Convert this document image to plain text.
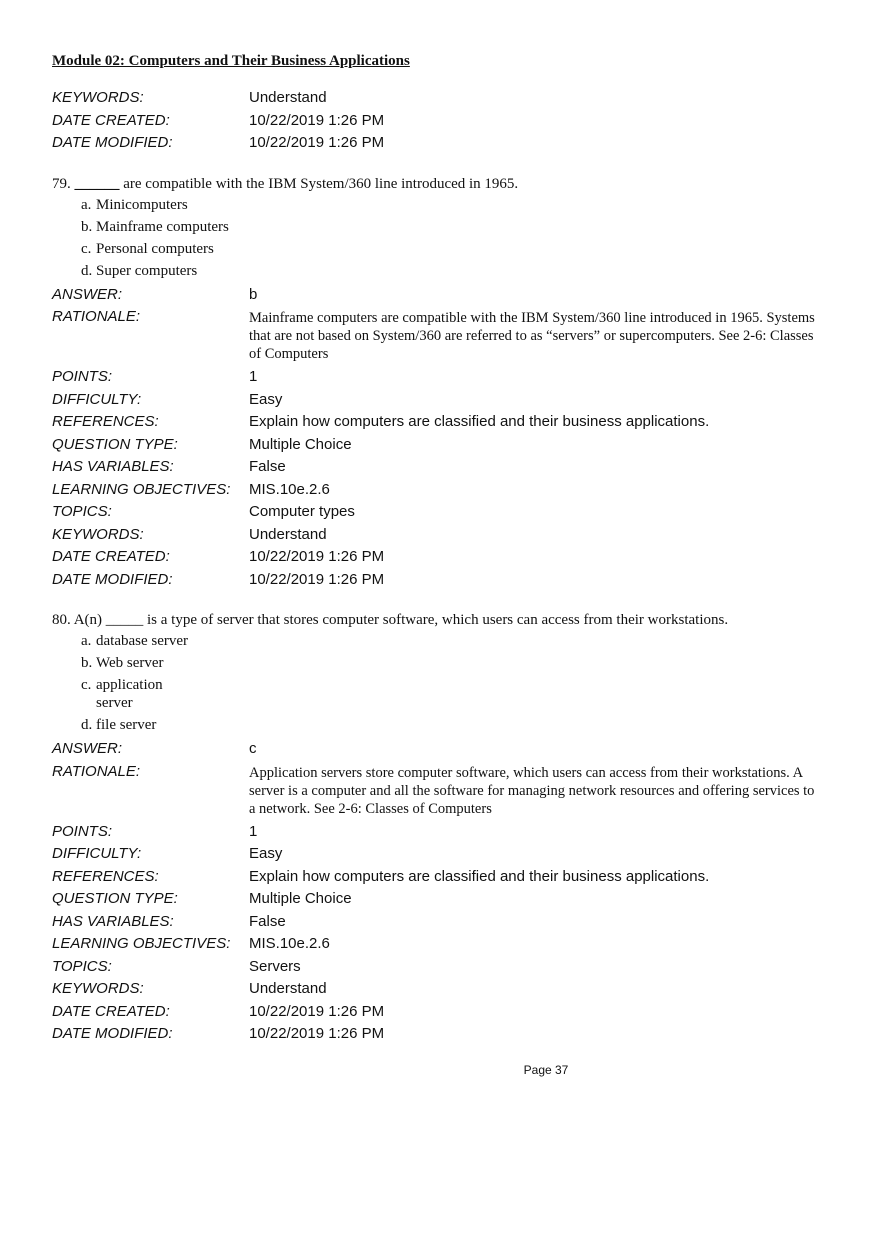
Module 02: Computers and Their Business Applications
KEYWORDS:	Understand
DATE CREATED:	10/22/2019 1:26 PM
DATE MODIFIED:	10/22/2019 1:26 PM
79. ______ are compatible with the IBM System/360 line introduced in 1965.
a. Minicomputers
b. Mainframe computers
c. Personal computers
d. Super computers
ANSWER:	b
RATIONALE:	Mainframe computers are compatible with the IBM System/360 line introduced in 1965. Systems that are not based on System/360 are referred to as “servers” or supercomputers. See 2-6: Classes of Computers
POINTS:	1
DIFFICULTY:	Easy
REFERENCES:	Explain how computers are classified and their business applications.
QUESTION TYPE:	Multiple Choice
HAS VARIABLES:	False
LEARNING OBJECTIVES:	MIS.10e.2.6
TOPICS:	Computer types
KEYWORDS:	Understand
DATE CREATED:	10/22/2019 1:26 PM
DATE MODIFIED:	10/22/2019 1:26 PM
80. A(n) _____ is a type of server that stores computer software, which users can access from their workstations.
a. database server
b. Web server
c. application server
d. file server
ANSWER:	c
RATIONALE:	Application servers store computer software, which users can access from their workstations. A server is a computer and all the software for managing network resources and offering services to a network. See 2-6: Classes of Computers
POINTS:	1
DIFFICULTY:	Easy
REFERENCES:	Explain how computers are classified and their business applications.
QUESTION TYPE:	Multiple Choice
HAS VARIABLES:	False
LEARNING OBJECTIVES:	MIS.10e.2.6
TOPICS:	Servers
KEYWORDS:	Understand
DATE CREATED:	10/22/2019 1:26 PM
DATE MODIFIED:	10/22/2019 1:26 PM
Page 37
